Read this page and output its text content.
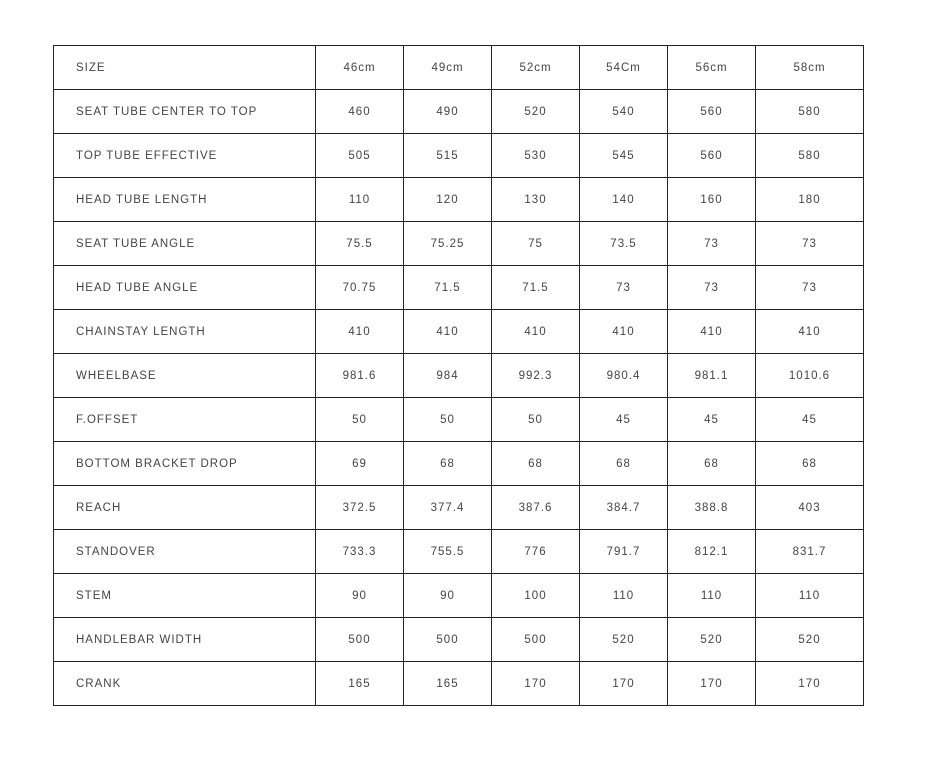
SIZE	46cm	49cm	52cm	54Cm	56cm	58cm
SEAT TUBE CENTER TO TOP	460	490	520	540	560	580
TOP TUBE EFFECTIVE	505	515	530	545	560	580
HEAD TUBE LENGTH	110	120	130	140	160	180
SEAT TUBE ANGLE	75.5	75.25	75	73.5	73	73
HEAD TUBE ANGLE	70.75	71.5	71.5	73	73	73
CHAINSTAY LENGTH	410	410	410	410	410	410
WHEELBASE	981.6	984	992.3	980.4	981.1	1010.6
F.OFFSET	50	50	50	45	45	45
BOTTOM BRACKET DROP	69	68	68	68	68	68
REACH	372.5	377.4	387.6	384.7	388.8	403
STANDOVER	733.3	755.5	776	791.7	812.1	831.7
STEM	90	90	100	110	110	110
HANDLEBAR WIDTH	500	500	500	520	520	520
CRANK	165	165	170	170	170	170
